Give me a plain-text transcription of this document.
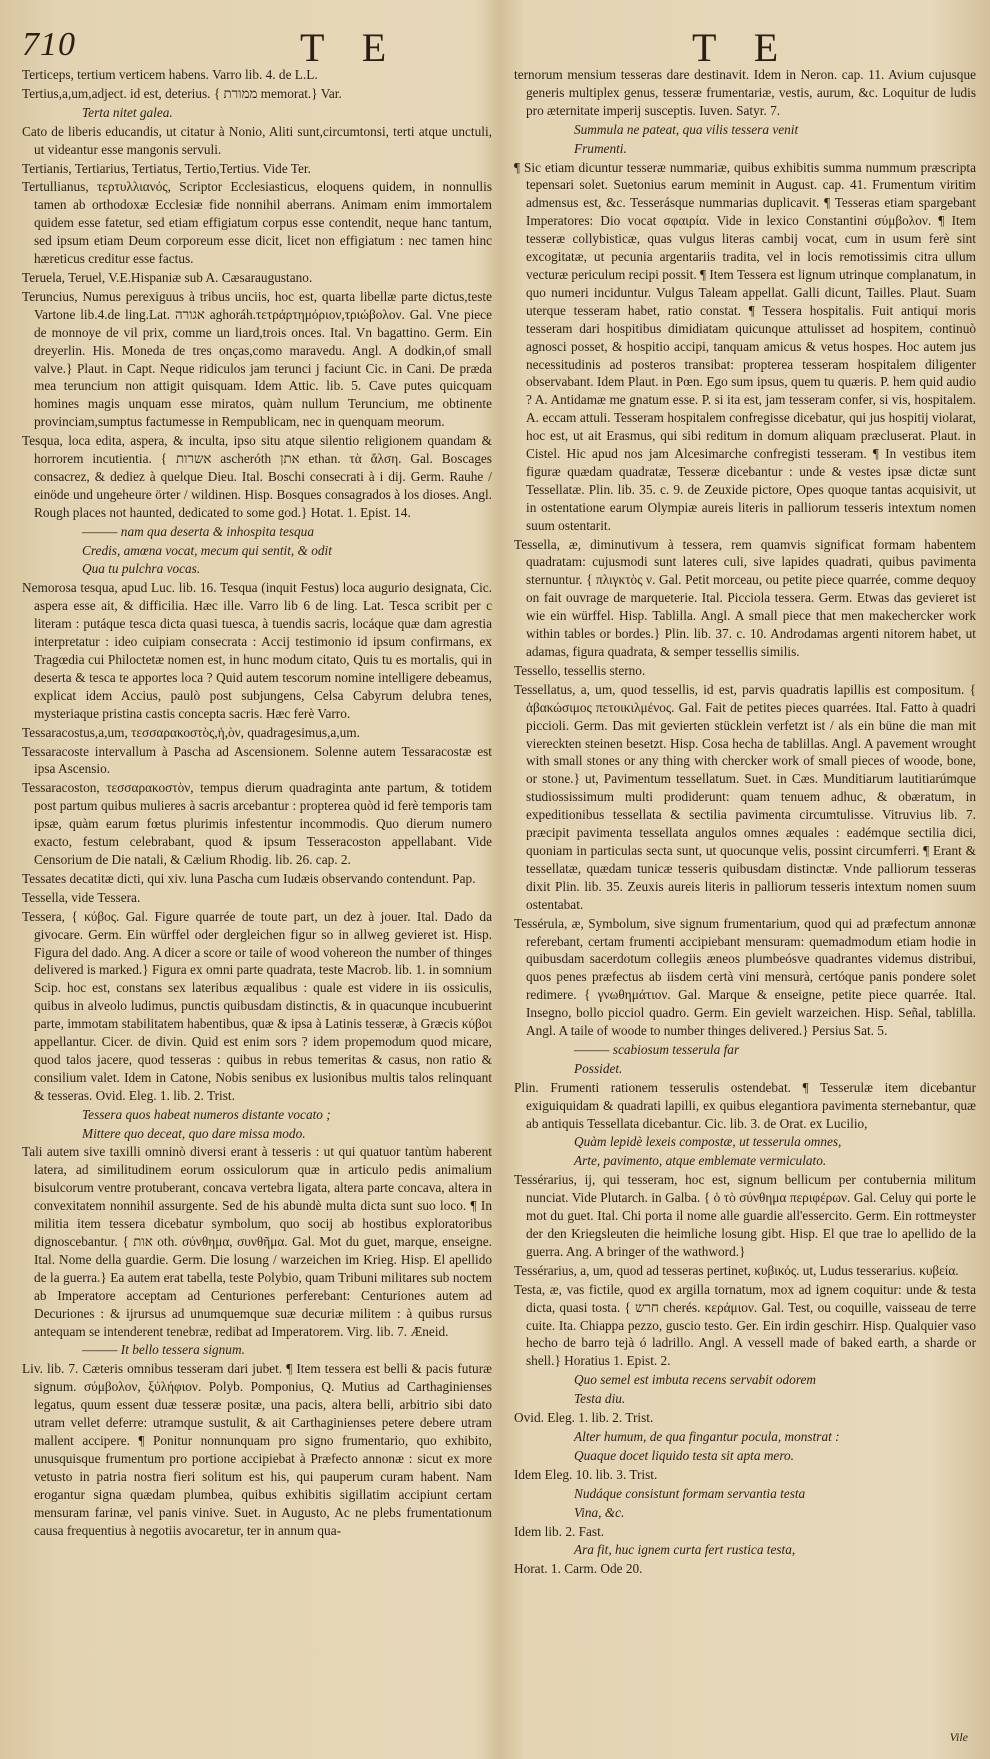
710	T E	T E

Terticeps, tertium verticem habens. Varro lib. 4. de L.L.

Tertius,a,um,adject. id est, deterius. { ממורת memorat.} Var.

Terta nitet galea.

Cato de liberis educandis, ut citatur à Nonio, Aliti sunt,circumtonsi, terti atque unctuli, ut videantur esse mangonis servuli.

Tertianis, Tertiarius, Tertiatus, Tertio,Tertius. Vide Ter.

Tertullianus, τερτυλλιανός, Scriptor Ecclesiasticus, eloquens quidem, in nonnullis tamen ab orthodoxæ Ecclesiæ fide nonnihil aberrans. Animam enim immortalem quidem esse fatetur, sed etiam effigiatum corpus esse contendit, neque hanc tantum, sed ipsum etiam Deum corporeum esse dicit, licet non effigiatum : nec tamen hinc hæreticus creditur esse factus.

Teruela, Teruel, V.E.Hispaniæ sub A. Cæsaraugustano.

Teruncius, Numus perexiguus à tribus unciis, hoc est, quarta libellæ parte dictus,teste Vartone lib.4.de ling.Lat. אגורה aghoráh.τετράρτημόριον,τριώβολον. Gal. Vne piece de monnoye de vil prix, comme un liard,trois onces. Ital. Vn bagattino. Germ. Ein dreyerlin. His. Moneda de tres onças,como maravedu. Angl. A dodkin,of small valve.} Plaut. in Capt. Neque ridiculos jam terunci j faciunt Cic. in Cani. De præda mea teruncium non attigit quisquam. Idem Attic. lib. 5. Cave putes quicquam homines magis unquam esse miratos, quàm nullum Teruncium, me obtinente provinciam,sumptus factumesse in Rempublicam, nec in quenquam meorum.

Tesqua, loca edita, aspera, & inculta, ipso situ atque silentio religionem quandam & horrorem incutientia. { אשרות ascheróth אתן ethan. τὰ ἄλση. Gal. Boscages consacrez, & dediez à quelque Dieu. Ital. Boschi consecrati à i dij. Germ. Rauhe / einöde und ungeheure örter / wildinen. Hisp. Bosques consagrados à los dioses. Angl. Rough places not haunted, dedicated to some god.} Hotat. 1. Epist. 14.

——— nam qua deserta & inhospita tesqua

Credis, amœna vocat, mecum qui sentit, & odit

Qua tu pulchra vocas.

Nemorosa tesqua, apud Luc. lib. 16. Tesqua (inquit Festus) loca augurio designata, Cic. aspera esse ait, & difficilia. Hæc ille. Varro lib 6 de ling. Lat. Tesca scribit per c literam : putáque tesca dicta quasi tuesca, à tuendis sacris, locáque quæ dam agrestia interpretatur : ideo cuipiam consecrata : Accij testimonio id ipsum confirmans, ex Tragœdia cui Philoctetæ nomen est, in hunc modum citato, Quis tu es mortalis, qui in deserta & tesca te apportes loca ? Quid autem tescorum nomine intelligere debeamus, explicat idem Accius, paulò post subjungens, Celsa Cabyrum delubra tenes, mysteriaque pristina castis concepta sacris. Hæc ferè Varro.

Tessaracostus,a,um, τεσσαρακοστὸς,ἡ,ὸν, quadragesimus,a,um.

Tessaracoste intervallum à Pascha ad Ascensionem. Solenne autem Tessaracostæ est ipsa Ascensio.

Tessaracoston, τεσσαρακοστὸν, tempus dierum quadraginta ante partum, & totidem post partum quibus mulieres à sacris arcebantur : propterea quòd id ferè temporis tam ipsæ, quàm earum fœtus plurimis infestentur incommodis. Quo dierum numero exacto, festum celebrabant, quod & ipsum Tesseracoston appellabant. Vide Censorium de Die natali, & Cælium Rhodig. lib. 26. cap. 2.

Tessates decatitæ dicti, qui xiv. luna Pascha cum Iudæis observando contendunt. Pap.

Tessella, vide Tessera.

Tessera, { κύβος. Gal. Figure quarrée de toute part, un dez à jouer. Ital. Dado da givocare. Germ. Ein würffel oder dergleichen figur so in allweg gevieret ist. Hisp. Figura del dado. Ang. A dicer a score or taile of wood vohereon the number of thinges delivered is marked.} Figura ex omni parte quadrata, teste Macrob. lib. 1. in somnium Scip. hoc est, constans sex lateribus æqualibus : quale est videre in iis ossiculis, quibus in alveolo ludimus, punctis quibusdam distinctis, & in quacunque incubuerint parte, immotam stabilitatem habentibus, quæ & ipsa à Latinis tesseræ, à Græcis κύβοι appellantur. Cicer. de divin. Quid est enim sors ? idem propemodum quod micare, quod talos jacere, quod tesseras : quibus in rebus temeritas & casus, non ratio & consilium valet. Idem in Catone, Nobis senibus ex lusionibus multis talos relinquant & tesseras. Ovid. Eleg. 1. lib. 2. Trist.

Tessera quos habeat numeros distante vocato ;

Mittere quo deceat, quo dare missa modo.

Tali autem sive taxilli omninò diversi erant à tesseris : ut qui quatuor tantùm haberent latera, ad similitudinem eorum ossiculorum quæ in articulo pedis animalium bisulcorum ventre protuberant, concava vertebra ligata, altera parte concava, altera in convexitatem nonnihil assurgente. Sed de his abundè multa dicta sunt suo loco. ¶ In militia item tessera dicebatur symbolum, quo socij ab hostibus exploratoribus dignoscebantur. { אות oth. σύνθημα, συνθῆμα. Gal. Mot du guet, marque, enseigne. Ital. Nome della guardie. Germ. Die losung / warzeichen im Krieg. Hisp. El apellido de la guerra.} Ea autem erat tabella, teste Polybio, quam Tribuni militares sub noctem ab Imperatore acceptam ad Centuriones perferebant: Centuriones autem ad Decuriones : & ijrursus ad unumquemque suæ decuriæ militem : à quibus rursus antequam se intenderent tenebræ, redibat ad Imperatorem. Virg. lib. 7. Æneid.

——— It bello tessera signum.

Liv. lib. 7. Cæteris omnibus tesseram dari jubet. ¶ Item tessera est belli & pacis futuræ signum. σύμβολον, ξύλήφιον. Polyb. Pomponius, Q. Mutius ad Carthaginienses legatus, quum essent duæ tesseræ positæ, una pacis, altera belli, arbitrio sibi dato utram vellet deferre: utramque sustulit, & ait Carthaginienses petere debere utram mallent accipere. ¶ Ponitur nonnunquam pro signo frumentario, quo exhibito, unusquisque frumentum pro portione accipiebat à Præfecto annonæ : sicut ex more vetusto in patria nostra fieri solitum est his, qui pauperum curam habent. Nam erogantur signa quædam plumbea, quibus exhibitis sigillatim accipiunt certam mensuram farinæ, vel panis vinive. Suet. in Augusto, Ac ne plebs frumentationum causa frequentius à negotiis avocaretur, ter in annum qua-

ternorum mensium tesseras dare destinavit. Idem in Neron. cap. 11. Avium cujusque generis multiplex genus, tesseræ frumentariæ, vestis, aurum, &c. Loquitur de ludis pro æternitate imperij susceptis. Iuven. Satyr. 7.

Summula ne pateat, qua vilis tessera venit

Frumenti.

¶ Sic etiam dicuntur tesseræ nummariæ, quibus exhibitis summa nummum præscripta tepensari solet. Suetonius earum meminit in August. cap. 41. Frumentum viritim admensus est, &c. Tesserásque nummarias duplicavit. ¶ Tesseras etiam spargebant Imperatores: Dio vocat σφαιρία. Vide in lexico Constantini σύμβολον. ¶ Item tesseræ collybisticæ, quas vulgus literas cambij vocat, cum in usum ferè sint excogitatæ, ut pecunia argentariis tradita, vel in locis remotissimis citra ullum vecturæ periculum recipi possit. ¶ Item Tessera est lignum utrinque complanatum, in quo numeri inciduntur. Vulgus Taleam appellat. Galli dicunt, Tailles. Plaut. Suam uterque tesseram habet, ratio constat. ¶ Tessera hospitalis. Fuit antiqui moris tesseram dari hospitibus dimidiatam quicunque attulisset ad hospitem, continuò agnosci posset, & hospitio accipi, tanquam amicus & vetus hospes. Hoc autem jus necessitudinis ad posteros transibat: propterea tesseram hospitalem diligenter observabant. Idem Plaut. in Pœn. Ego sum ipsus, quem tu quæris. P. hem quid audio ? A. Antidamæ me gnatum esse. P. si ita est, jam tesseram confer, si vis, hospitalem. A. eccam attuli. Tesseram hospitalem confregisse dicebatur, qui jus hospitij violarat, hoc est, ut ait Erasmus, qui sibi reditum in domum aliquam præcluserat. Plaut. in Cistel. Hic apud nos jam Alcesimarche confregisti tesseram. ¶ In vestibus item figuræ quædam quadratæ, Tesseræ dicebantur : unde & vestes ipsæ dictæ sunt Tessellatæ. Plin. lib. 35. c. 9. de Zeuxide pictore, Opes quoque tantas acquisivit, ut in ostentatione earum Olympiæ aureis literis in palliorum tesseris intextum nomen suum ostentarit.

Tessella, æ, diminutivum à tessera, rem quamvis significat formam habentem quadratam: cujusmodi sunt lateres culi, sive lapides quadrati, quibus pavimenta sternuntur. { πλιγκτὸς ν. Gal. Petit morceau, ou petite piece quarrée, comme dequoy on fait ouvrage de marqueterie. Ital. Picciola tessera. Germ. Etwas das gevieret ist wie ein würffel. Hisp. Tablilla. Angl. A small piece that men makechercker work within tables or bordes.} Plin. lib. 37. c. 10. Androdamas argenti nitorem habet, ut adamas, figura quadrata, & semper tessellis similis.

Tessello, tessellis sterno.

Tessellatus, a, um, quod tessellis, id est, parvis quadratis lapillis est compositum. { ἀβακώσιμος πετοικιλμένος. Gal. Fait de petites pieces quarrées. Ital. Fatto à quadri piccioli. Germ. Das mit gevierten stücklein verfetzt ist / als ein büne die man mit viereckten steinen besetzt. Hisp. Cosa hecha de tablillas. Angl. A pavement wrought with small stones or any thing with chercker work of small pieces of woode, bone, or stone.} ut, Pavimentum tessellatum. Suet. in Cæs. Munditiarum lautitiarúmque studiossissimum multi prodiderunt: quam tenuem adhuc, & obæratum, in expeditionibus tessellata & sectilia pavimenta circumtulisse. Vitruvius lib. 7. præcipit pavimenta tessellata angulos omnes æquales : eadémque sectilia dici, quoniam in particulas secta sunt, ut quocunque velis, possint circumferri. ¶ Erant & tessellatæ, quædam tunicæ tesseris quibusdam distinctæ. Vnde palliorum tesseras dixit Plin. lib. 35. Zeuxis aureis literis in palliorum tesseris intextum nomen suum ostentabat.

Tessérula, æ, Symbolum, sive signum frumentarium, quod qui ad præfectum annonæ referebant, certam frumenti accipiebant mensuram: quemadmodum etiam hodie in quibusdam sacerdotum collegiis æneos plumbeósve quadrantes videmus distribui, quos penes præfectus ab iisdem certà vini mensurà, certóque panis pondere solet redimere. { γνωθημάτιον. Gal. Marque & enseigne, petite piece quarrée. Ital. Insegno, bollo picciol quadro. Germ. Ein gevielt warzeichen. Hisp. Señal, tablilla. Angl. A taile of woode to number thinges delivered.} Persius Sat. 5.

——— scabiosum tesserula far

Possidet.

Plin. Frumenti rationem tesserulis ostendebat. ¶ Tesserulæ item dicebantur exiguiquidam & quadrati lapilli, ex quibus elegantiora pavimenta sternebantur, quæ ab antiquis Tessellata dicebantur. Cic. lib. 3. de Orat. ex Lucilio,

Quàm lepidè lexeis compostæ, ut tesserula omnes,

Arte, pavimento, atque emblemate vermiculato.

Tessérarius, ij, qui tesseram, hoc est, signum bellicum per contubernia militum nunciat. Vide Plutarch. in Galba. { ὁ τὸ σύνθημα περιφέρων. Gal. Celuy qui porte le mot du guet. Ital. Chi porta il nome alle guardie all'essercito. Germ. Ein rottmeyster der den Kriegsleuten die heimliche losung gibt. Hisp. El que trae lo apellido de la guerra. Ang. A bringer of the wathword.}

Tessérarius, a, um, quod ad tesseras pertinet, κυβικός. ut, Ludus tesserarius. κυβεία.

Testa, æ, vas fictile, quod ex argilla tornatum, mox ad ignem coquitur: unde & testa dicta, quasi tosta. { חרש cherés. κεράμιον. Gal. Test, ou coquille, vaisseau de terre cuite. Ita. Chiappa pezzo, guscio testo. Ger. Ein irdin geschirr. Hisp. Qualquier vaso hecho de barro tejà ó ladrillo. Angl. A vessell made of baked earth, a sharde or shell.} Horatius 1. Epist. 2.

Quo semel est imbuta recens servabit odorem

Testa diu.

Ovid. Eleg. 1. lib. 2. Trist.

Alter humum, de qua fingantur pocula, monstrat :

Quaque docet liquido testa sit apta mero.

Idem Eleg. 10. lib. 3. Trist.

Nudáque consistunt formam servantia testa

Vina, &c.

Idem lib. 2. Fast.

Ara fit, huc ignem curta fert rustica testa,

Horat. 1. Carm. Ode 20.

Vile
